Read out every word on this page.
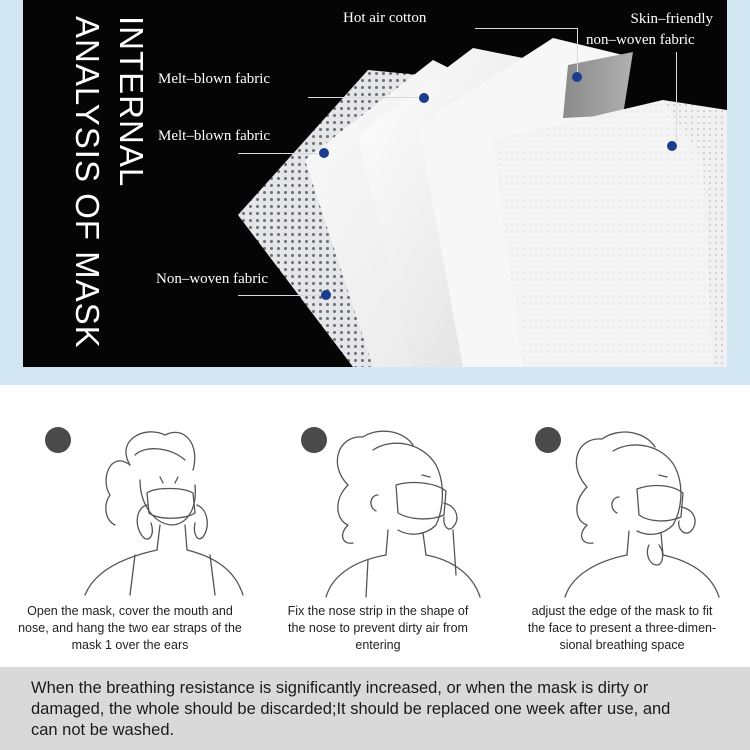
INTERNAL
ANALYSIS OF MASK	Hot air cotton	Skin–friendly
non–woven fabric
Melt–blown fabric
Melt–blown fabric
Non–woven fabric
Open the mask, cover the mouth and
nose, and hang the two ear straps of the
mask 1 over the ears
Fix the nose strip in the shape of
the nose to prevent dirty air from
entering
adjust the edge of the mask to fit
the face to present a three-dimen-
sional breathing space

When the breathing resistance is significantly increased, or when the mask is dirty or

damaged, the whole should be discarded;It should be replaced one week after use, and

can not be washed.
